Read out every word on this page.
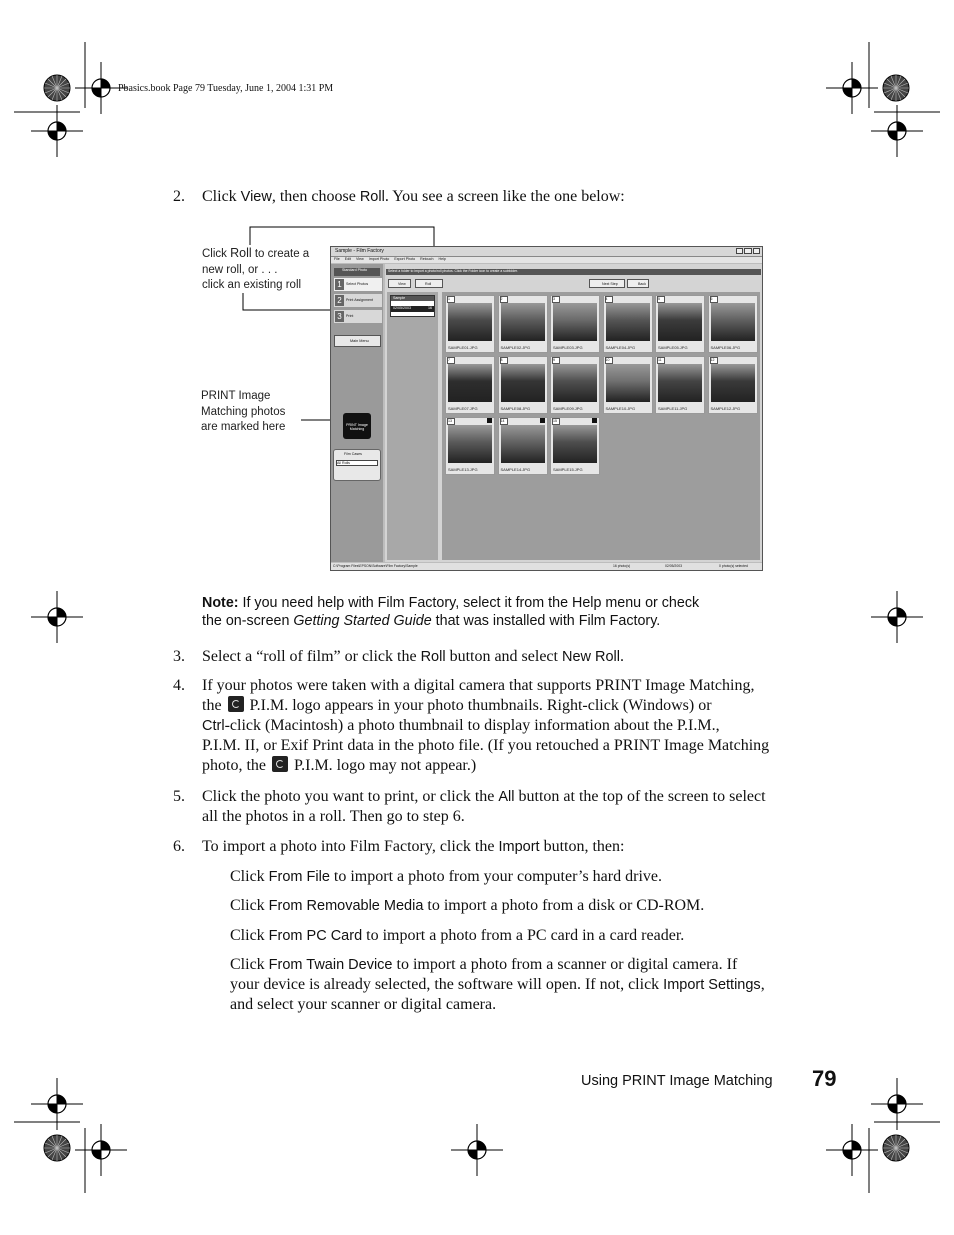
Pbasics.book Page 79 Tuesday, June 1, 2004 1:31 PM
2. Click View, then choose Roll. You see a screen like the one below:

Click Roll to create a
new roll, or . . .
click an existing roll
PRINT Image
Matching photos
are marked here
Sample - Film Factory
File Edit View Import Photo Export Photo Retouch Help
Standard Photo
1	Select Photos
2	Print Assignment
3	Print
Main Menu
PRINT Image Matching
Film Cases
All Rolls
Select a folder to import a photo/roll photos. Click the Folder icon to create a subfolder.
View	Roll	Next Step	Back
Sample
02/05/2003	16
1
SAMPLE01.JPG
2
SAMPLE02.JPG
3
SAMPLE03.JPG
4
SAMPLE04.JPG
5
SAMPLE05.JPG
6
SAMPLE06.JPG
7
SAMPLE07.JPG
8
SAMPLE08.JPG
9
SAMPLE09.JPG
10
SAMPLE10.JPG
11
SAMPLE11.JPG
12
SAMPLE12.JPG
13
SAMPLE13.JPG
14
SAMPLE14.JPG
15
SAMPLE15.JPG
C:\Program Files\EPSON\Software\Film Factory\Sample	16 photo(s)	02/05/2003	0 photo(s) selected

Note: If you need help with Film Factory, select it from the Help menu or check

the on-screen Getting Started Guide that was installed with Film Factory.

3. Select a “roll of film” or click the Roll button and select New Roll.

4. If your photos were taken with a digital camera that supports PRINT Image Matching,

the  P.I.M. logo appears in your photo thumbnails. Right-click (Windows) or

Ctrl-click (Macintosh) a photo thumbnail to display information about the P.I.M.,

P.I.M. II, or Exif Print data in the photo file. (If you retouched a PRINT Image Matching

photo, the  P.I.M. logo may not appear.)

5. Click the photo you want to print, or click the All button at the top of the screen to select

all the photos in a roll. Then go to step 6.

6. To import a photo into Film Factory, click the Import button, then:

Click From File to import a photo from your computer’s hard drive.

Click From Removable Media to import a photo from a disk or CD-ROM.

Click From PC Card to import a photo from a PC card in a card reader.

Click From Twain Device to import a photo from a scanner or digital camera. If

your device is already selected, the software will open. If not, click Import Settings,

and select your scanner or digital camera.

Using PRINT Image Matching 79
